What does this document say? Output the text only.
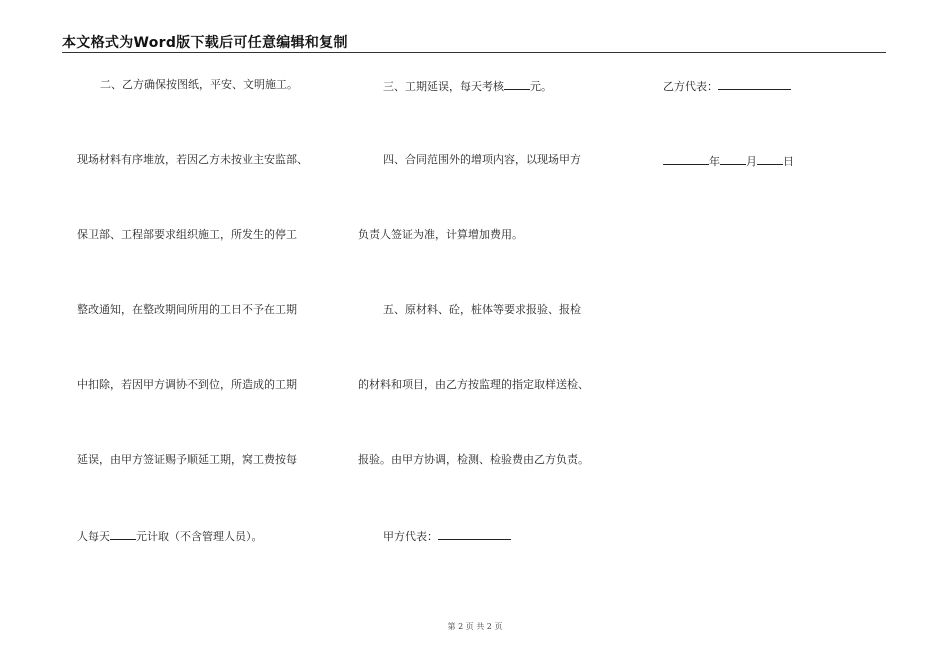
本文格式为Word版下载后可任意编辑和复制
二、乙方确保按图纸，平安、文明施工。
现场材料有序堆放，若因乙方未按业主安监部、
保卫部、工程部要求组织施工，所发生的停工
整改通知，在整改期间所用的工日不予在工期
中扣除，若因甲方调协不到位，所造成的工期
延误，由甲方签证赐予顺延工期，窝工费按每
人每天 元计取（不含管理人员）。
三、工期延误，每天考核 元。
四、合同范围外的增项内容，以现场甲方
负责人签证为准，计算增加费用。
五、原材料、砼，桩体等要求报验、报检
的材料和项目，由乙方按监理的指定取样送检、
报验。由甲方协调，检测、检验费由乙方负责。
甲方代表：
乙方代表：
年 月 日
第 2 页 共 2 页
